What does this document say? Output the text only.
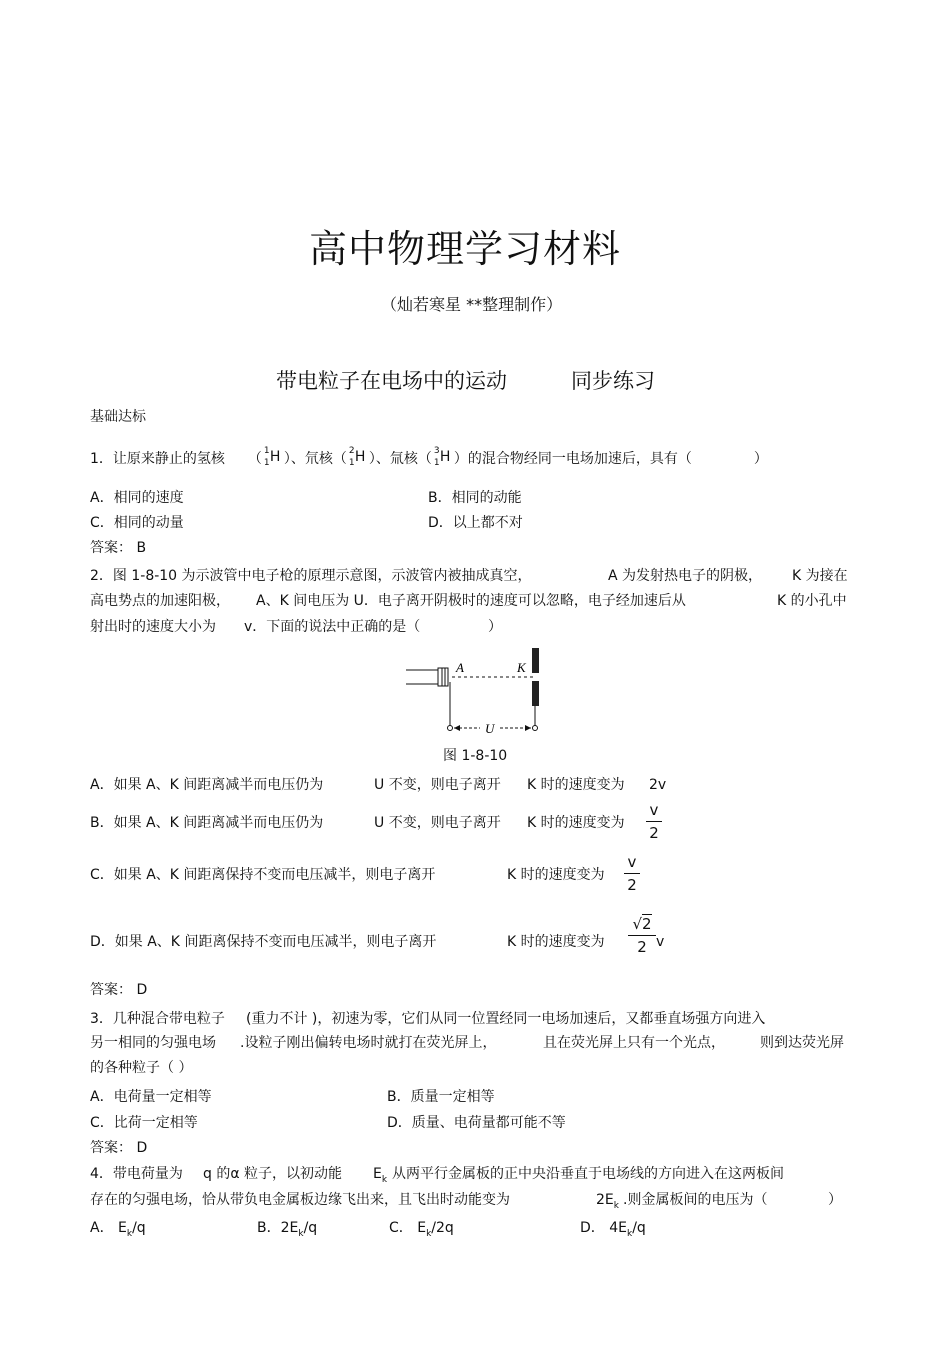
高中物理学习材料
（灿若寒星 **整理制作）
带电粒子在电场中的运动	同步练习
基础达标
1．让原来静止的氢核 （ 1
1 H ）、氘核（ 2
1 H ）、氚核（ 3
1 H ）的混合物经同一电场加速后，具有（	）
A．相同的速度	B．相同的动能
C．相同的动量	D．以上都不对
答案： B
2．图 1-8-10 为示波管中电子枪的原理示意图，示波管内被抽成真空，	A 为发射热电子的阴极， K 为接在
高电势点的加速阳极， A、K 间电压为 U．电子离开阴极时的速度可以忽略，电子经加速后从	K 的小孔中
射出时的速度大小为 v．下面的说法中正确的是（	）
A	K
U
图 1-8-10
A．如果 A、K 间距离减半而电压仍为	U 不变，则电子离开 K 时的速度变为 2v
B．如果 A、K 间距离减半而电压仍为	U 不变，则电子离开 K 时的速度变为
v
2
C．如果 A、K 间距离保持不变而电压减半，则电子离开	K 时的速度变为
v
2
D．如果 A、K 间距离保持不变而电压减半，则电子离开	K 时的速度变为
√2
2 v
答案： D
3．几种混合带电粒子 (重力不计 )，初速为零，它们从同一位置经同一电场加速后，又都垂直场强方向进入
另一相同的匀强电场 .设粒子刚出偏转电场时就打在荧光屏上，	且在荧光屏上只有一个光点，	则到达荧光屏
的各种粒子（ ）
A．电荷量一定相等	B．质量一定相等
C．比荷一定相等	D．质量、电荷量都可能不等
答案： D
4．带电荷量为 q 的α 粒子，以初动能 $E_k$ 从两平行金属板的正中央沿垂直于电场线的方向进入在这两板间
存在的匀强电场，恰从带负电金属板边缘飞出来，且飞出时动能变为	$2E_k$ .则金属板间的电压为（	）
A． $E_k/q$	B．$2E_k/q$	C． $E_k/2q$	D． $4E_k/q$
